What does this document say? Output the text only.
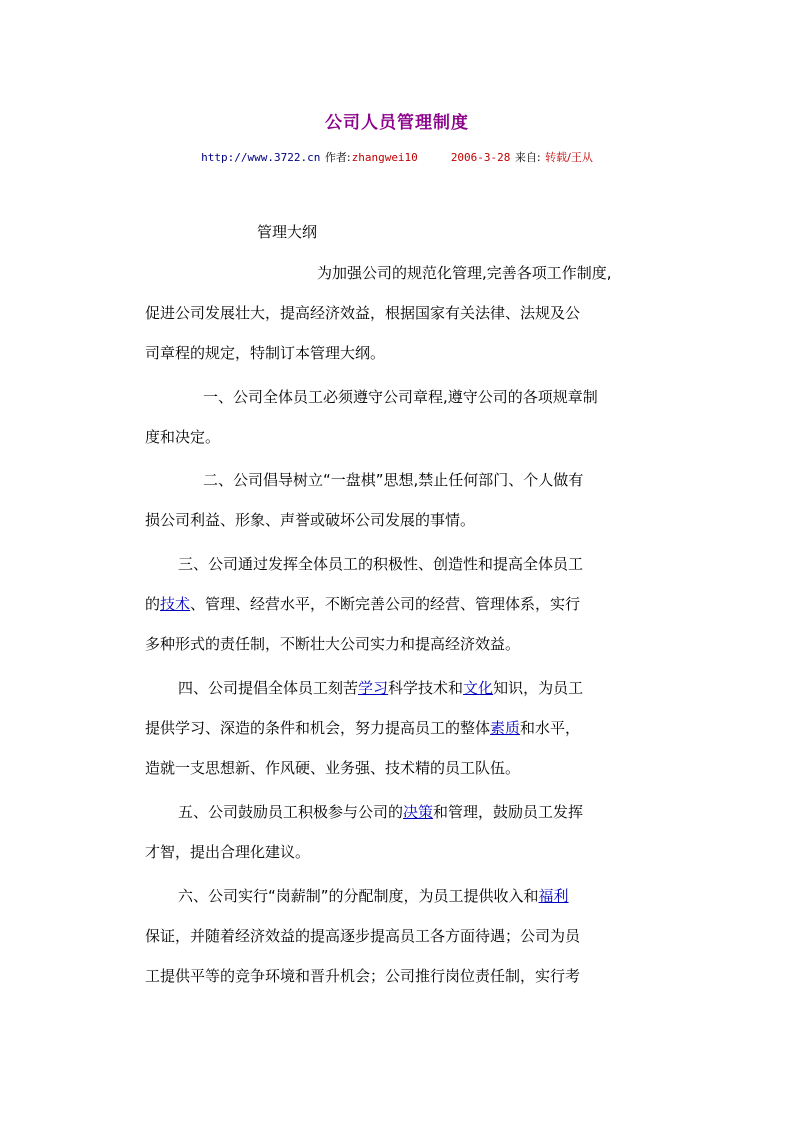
公司人员管理制度
http://www.3722.cn 作者:zhangwei10	2006-3-28 来自: 转载/王从
管理大纲
为加强公司的规范化管理,完善各项工作制度,
促进公司发展壮大，提高经济效益，根据国家有关法律、法规及公
司章程的规定，特制订本管理大纲。
一、公司全体员工必须遵守公司章程,遵守公司的各项规章制
度和决定。
二、公司倡导树立“一盘棋”思想,禁止任何部门、个人做有
损公司利益、形象、声誉或破坏公司发展的事情。
三、公司通过发挥全体员工的积极性、创造性和提高全体员工
的技术、管理、经营水平，不断完善公司的经营、管理体系，实行
多种形式的责任制，不断壮大公司实力和提高经济效益。
四、公司提倡全体员工刻苦学习科学技术和文化知识，为员工
提供学习、深造的条件和机会，努力提高员工的整体素质和水平，
造就一支思想新、作风硬、业务强、技术精的员工队伍。
五、公司鼓励员工积极参与公司的决策和管理，鼓励员工发挥
才智，提出合理化建议。
六、公司实行“岗薪制”的分配制度，为员工提供收入和福利
保证，并随着经济效益的提高逐步提高员工各方面待遇；公司为员
工提供平等的竞争环境和晋升机会；公司推行岗位责任制，实行考
